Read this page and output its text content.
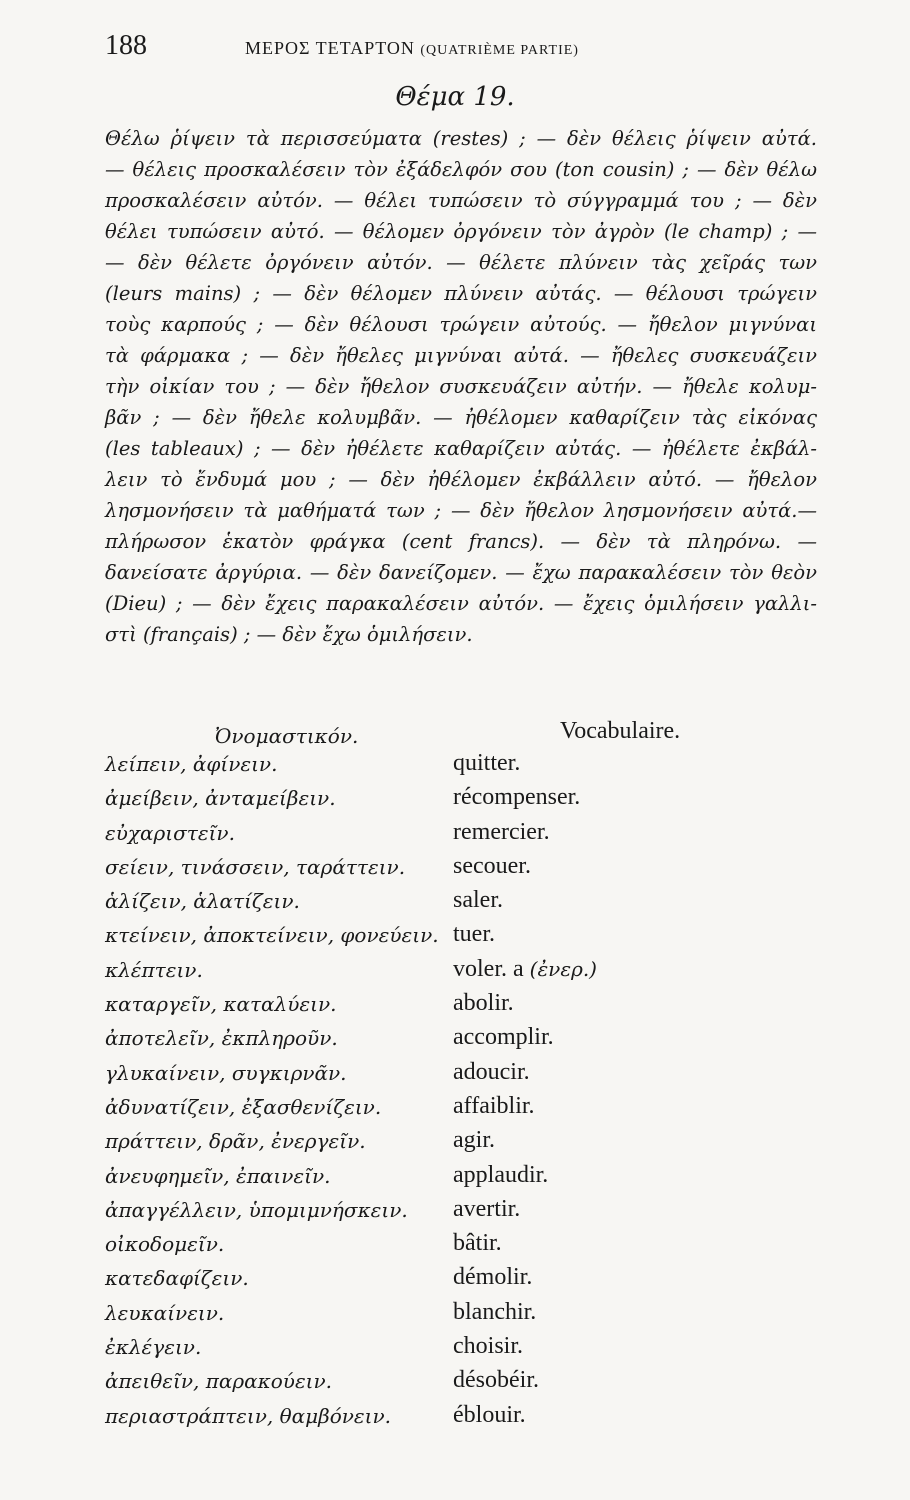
188	ΜΕΡΟΣ ΤΕΤΑΡΤΟΝ (QUATRIÈME PARTIE)
Θέμα 19.
Θέλω ῥίψειν τὰ περισσεύματα (restes) ; — δὲν θέλεις ῥίψειν αὐτά.
— θέλεις προσκαλέσειν τὸν ἐξάδελφόν σου (ton cousin) ; — δὲν θέλω
προσκαλέσειν αὐτόν. — θέλει τυπώσειν τὸ σύγγραμμά του ; — δὲν
θέλει τυπώσειν αὐτό. — θέλομεν ὀργόνειν τὸν ἀγρὸν (le champ) ; —
— δὲν θέλετε ὀργόνειν αὐτόν. — θέλετε πλύνειν τὰς χεῖράς των
(leurs mains) ; — δὲν θέλομεν πλύνειν αὐτάς. — θέλουσι τρώγειν
τοὺς καρπούς ; — δὲν θέλουσι τρώγειν αὐτούς. — ἤθελον μιγνύναι
τὰ φάρμακα ; — δὲν ἤθελες μιγνύναι αὐτά. — ἤθελες συσκευάζειν
τὴν οἰκίαν του ; — δὲν ἤθελον συσκευάζειν αὐτήν. — ἤθελε κολυμ-
βᾶν ; — δὲν ἤθελε κολυμβᾶν. — ἠθέλομεν καθαρίζειν τὰς εἰκόνας
(les tableaux) ; — δὲν ἠθέλετε καθαρίζειν αὐτάς. — ἠθέλετε ἐκβάλ-
λειν τὸ ἔνδυμά μου ; — δὲν ἠθέλομεν ἐκβάλλειν αὐτό. — ἤθελον
λησμονήσειν τὰ μαθήματά των ; — δὲν ἤθελον λησμονήσειν αὐτά.—
πλήρωσον ἑκατὸν φράγκα (cent francs). — δὲν τὰ πληρόνω. —
δανείσατε ἀργύρια. — δὲν δανείζομεν. — ἔχω παρακαλέσειν τὸν θεὸν
(Dieu) ; — δὲν ἔχεις παρακαλέσειν αὐτόν. — ἔχεις ὁμιλήσειν γαλλι-
στὶ (français) ; — δὲν ἔχω ὁμιλήσειν.
Ὀνομαστικόν.	Vocabulaire.
λείπειν, ἀφίνειν.	quitter.
ἀμείβειν, ἀνταμείβειν.	récompenser.
εὐχαριστεῖν.	remercier.
σείειν, τινάσσειν, ταράττειν. secouer.
ἁλίζειν, ἁλατίζειν.	saler.
κτείνειν, ἀποκτείνειν, φονεύειν. tuer.
κλέπτειν.	voler. a (ἐνερ.)
καταργεῖν, καταλύειν.	abolir.
ἀποτελεῖν, ἐκπληροῦν.	accomplir.
γλυκαίνειν, συγκιρνᾶν.	adoucir.
ἀδυνατίζειν, ἐξασθενίζειν.	affaiblir.
πράττειν, δρᾶν, ἐνεργεῖν.	agir.
ἀνευφημεῖν, ἐπαινεῖν.	applaudir.
ἀπαγγέλλειν, ὑπομιμνήσκειν. avertir.
οἰκοδομεῖν.	bâtir.
κατεδαφίζειν.	démolir.
λευκαίνειν.	blanchir.
ἐκλέγειν.	choisir.
ἀπειθεῖν, παρακούειν.	désobéir.
περιαστράπτειν, θαμβόνειν.	éblouir.
